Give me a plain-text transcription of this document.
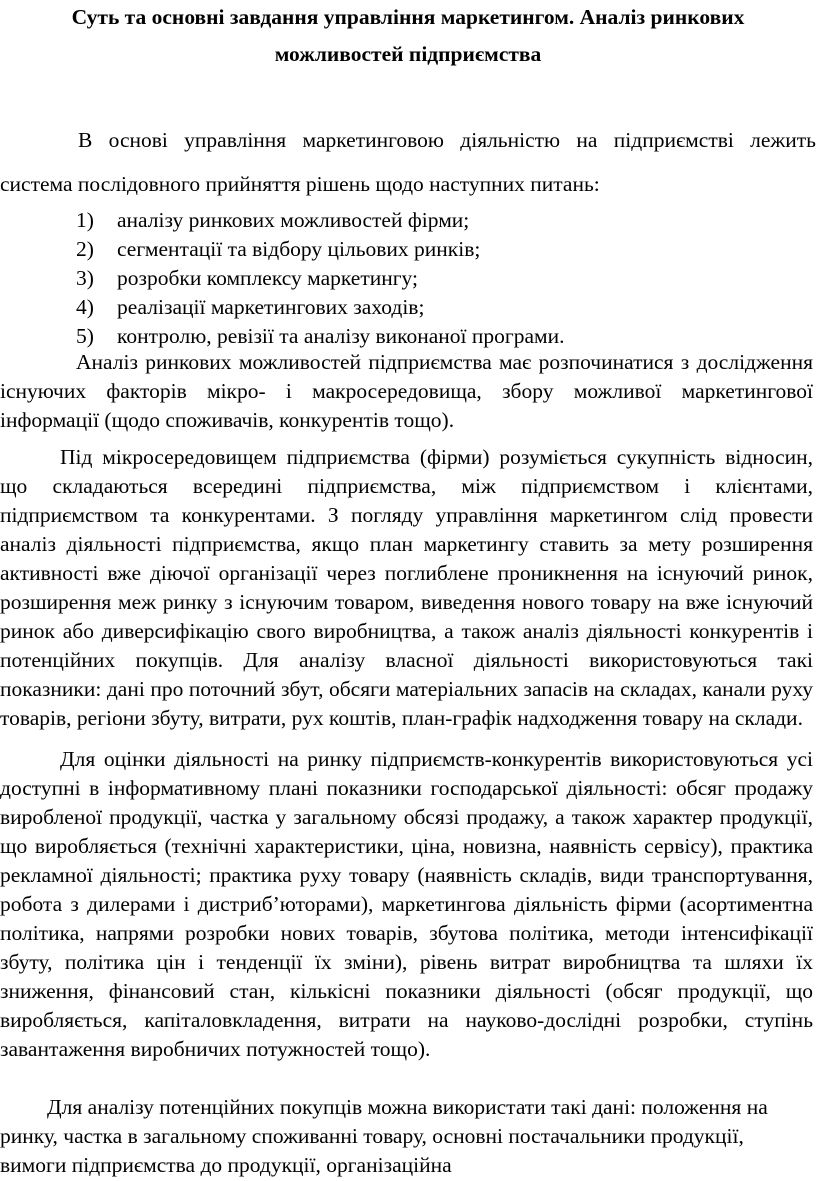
Суть та основні завдання управління маркетингом. Аналіз ринкових
можливостей підприємства

В основі управління маркетинговою діяльністю на підприємстві лежить система послідовного прийняття рішень щодо наступних питань:

1)	аналізу ринкових можливостей фірми;
2)	сегментації та відбору цільових ринків;
3)	розробки комплексу маркетингу;
4)	реалізації маркетингових заходів;
5)	контролю, ревізії та аналізу виконаної програми.

Аналіз ринкових можливостей підприємства має розпочинатися з дослідження існуючих факторів мікро- і макросередовища, збору можливої маркетингової інформації (щодо споживачів, конкурентів тощо).

Під мікросередовищем підприємства (фірми) розуміється сукупність відносин, що складаються всередині підприємства, між підприємством і клієнтами, підприємством та конкурентами. З погляду управління маркетингом слід провести аналіз діяльності підприємства, якщо план маркетингу ставить за мету розширення активності вже діючої організації через поглиблене проникнення на існуючий ринок, розширення меж ринку з існуючим товаром, виведення нового товару на вже існуючий ринок або диверсифікацію свого виробництва, а також аналіз діяльності конкурентів і потенційних покупців. Для аналізу власної діяльності використовуються такі показники: дані про поточний збут, обсяги матеріальних запасів на складах, канали руху товарів, регіони збуту, витрати, рух коштів, план-графік надходження товару на склади.

Для оцінки діяльності на ринку підприємств-конкурентів використовуються усі доступні в інформативному плані показники господарської діяльності: обсяг продажу виробленої продукції, частка у загальному обсязі продажу, а також характер продукції, що виробляється (технічні характеристики, ціна, новизна, наявність сервісу), практика рекламної діяльності; практика руху товару (наявність складів, види транспортування, робота з дилерами і дистриб’юторами), маркетингова діяльність фірми (асортиментна політика, напрями розробки нових товарів, збутова політика, методи інтенсифікації збуту, політика цін і тенденції їх зміни), рівень витрат виробництва та шляхи їх зниження, фінансовий стан, кількісні показники діяльності (обсяг продукції, що виробляється, капіталовкладення, витрати на науково-дослідні розробки, ступінь завантаження виробничих потужностей тощо).

Для аналізу потенційних покупців можна використати такі дані: положення на ринку, частка в загальному споживанні товару, основні постачальники продукції, вимоги підприємства до продукції, організаційна
